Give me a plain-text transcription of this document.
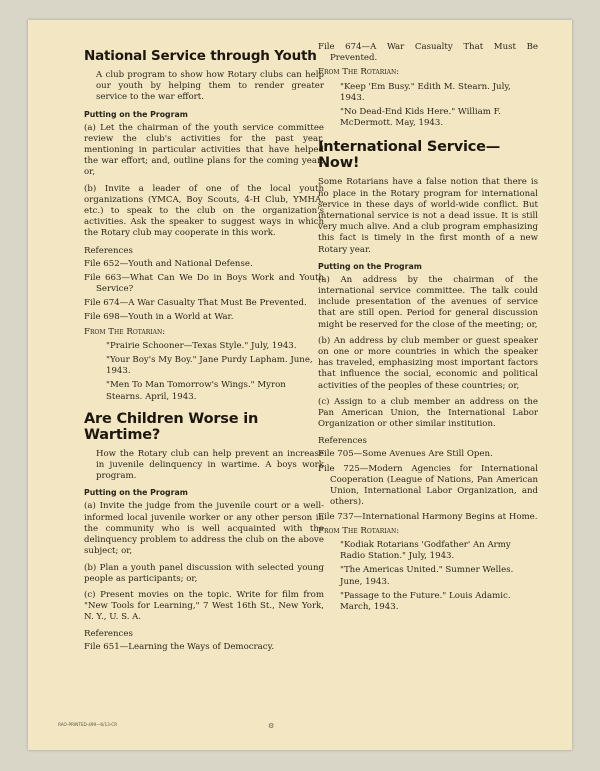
National Service through Youth

A club program to show how Rotary clubs can help our youth by helping them to render greater service to the war effort.

Putting on the Program

(a) Let the chairman of the youth service committee review the club's activities for the past year, mentioning in particular activities that have helped the war effort; and, outline plans for the coming year; or,

(b) Invite a leader of one of the local youth organizations (YMCA, Boy Scouts, 4-H Club, YMHA, etc.) to speak to the club on the organization's activities. Ask the speaker to suggest ways in which the Rotary club may cooperate in this work.

References

File 652—Youth and National Defense.

File 663—What Can We Do in Boys Work and Youth Service?

File 674—A War Casualty That Must Be Prevented.

File 698—Youth in a World at War.

From The Rotarian:

"Prairie Schooner—Texas Style." July, 1943.

"Your Boy's My Boy." Jane Purdy Lapham. June, 1943.

"Men To Man Tomorrow's Wings." Myron Stearns. April, 1943.

Are Children Worse in Wartime?

How the Rotary club can help prevent an increase in juvenile delinquency in wartime. A boys work program.

Putting on the Program

(a) Invite the judge from the juvenile court or a well-informed local juvenile worker or any other person in the community who is well acquainted with the delinquency problem to address the club on the above subject; or,

(b) Plan a youth panel discussion with selected young people as participants; or,

(c) Present movies on the topic. Write for film from "New Tools for Learning," 7 West 16th St., New York, N. Y., U. S. A.

References

File 651—Learning the Ways of Democracy.

File 674—A War Casualty That Must Be Prevented.

From The Rotarian:

"Keep 'Em Busy." Edith M. Stearn. July, 1943.

"No Dead-End Kids Here." William F. McDermott. May, 1943.

International Service—Now!

Some Rotarians have a false notion that there is no place in the Rotary program for international service in these days of world-wide conflict. But international service is not a dead issue. It is still very much alive. And a club program emphasizing this fact is timely in the first month of a new Rotary year.

Putting on the Program

(a) An address by the chairman of the international service committee. The talk could include presentation of the avenues of service that are still open. Period for general discussion might be reserved for the close of the meeting; or,

(b) An address by club member or guest speaker on one or more countries in which the speaker has traveled, emphasizing most important factors that influence the social, economic and political activities of the peoples of these countries; or,

(c) Assign to a club member an address on the Pan American Union, the International Labor Organization or other similar institution.

References

File 705—Some Avenues Are Still Open.

File 725—Modern Agencies for International Cooperation (League of Nations, Pan American Union, International Labor Organization, and others).

File 737—International Harmony Begins at Home.

From The Rotarian:

"Kodiak Rotarians 'Godfather' An Army Radio Station." July, 1943.

"The Americas United." Sumner Welles. June, 1943.

"Passage to the Future." Louis Adamic. March, 1943.

RAO-PRINTED-499—6/13-CR	⚙
